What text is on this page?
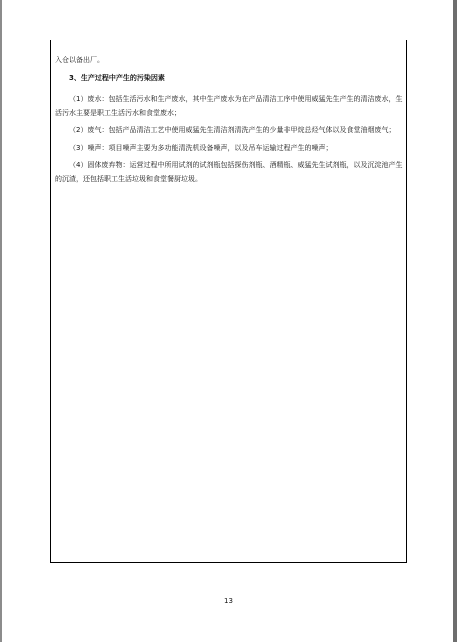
入仓以备出厂。

3、生产过程中产生的污染因素

（1）废水：包括生活污水和生产废水，其中生产废水为在产品清洁工序中使用威猛先生产生的清洁废水，生活污水主要是职工生活污水和食堂废水；

（2）废气：包括产品清洁工艺中使用威猛先生清洁剂清洗产生的少量非甲烷总烃气体以及食堂油烟废气；

（3）噪声：项目噪声主要为多功能清洗机设备噪声，以及吊车运输过程产生的噪声；

（4）固体废弃物：运营过程中所用试剂的试剂瓶包括探伤剂瓶、酒精瓶、威猛先生试剂瓶，以及沉淀池产生的沉渣，还包括职工生活垃圾和食堂餐厨垃圾。

13
